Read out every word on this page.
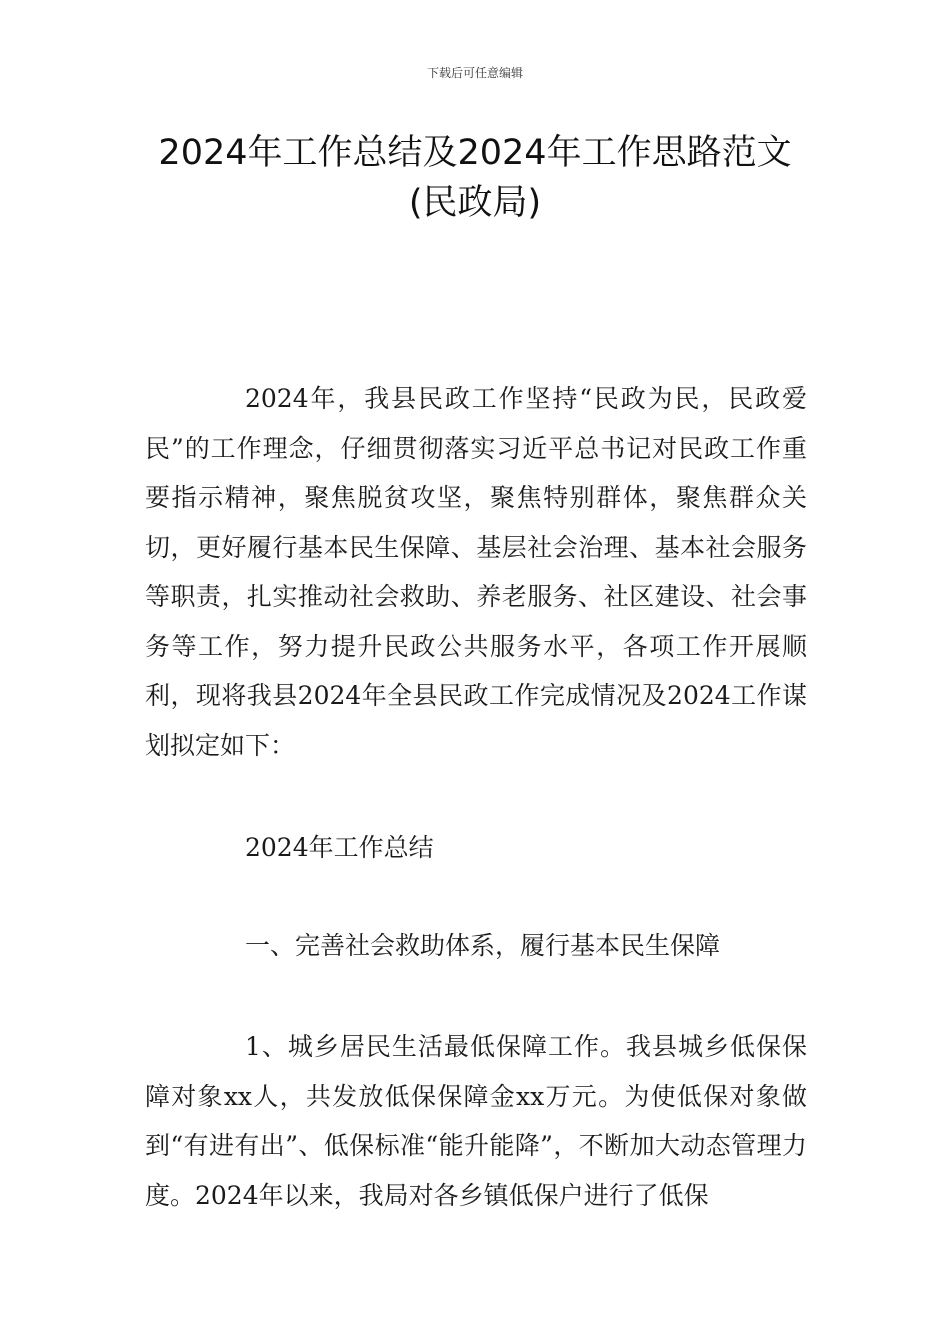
下载后可任意编辑
2024年工作总结及2024年工作思路范文
(民政局)

2024年，我县民政工作坚持“民政为民，民政爱民”的工作理念，仔细贯彻落实习近平总书记对民政工作重要指示精神，聚焦脱贫攻坚，聚焦特别群体，聚焦群众关切，更好履行基本民生保障、基层社会治理、基本社会服务等职责，扎实推动社会救助、养老服务、社区建设、社会事务等工作，努力提升民政公共服务水平，各项工作开展顺利，现将我县2024年全县民政工作完成情况及2024工作谋划拟定如下：

2024年工作总结

一、完善社会救助体系，履行基本民生保障

1、城乡居民生活最低保障工作。我县城乡低保保障对象xx人，共发放低保保障金xx万元。为使低保对象做到“有进有出”、低保标准“能升能降”，不断加大动态管理力度。2024年以来，我局对各乡镇低保户进行了低保
